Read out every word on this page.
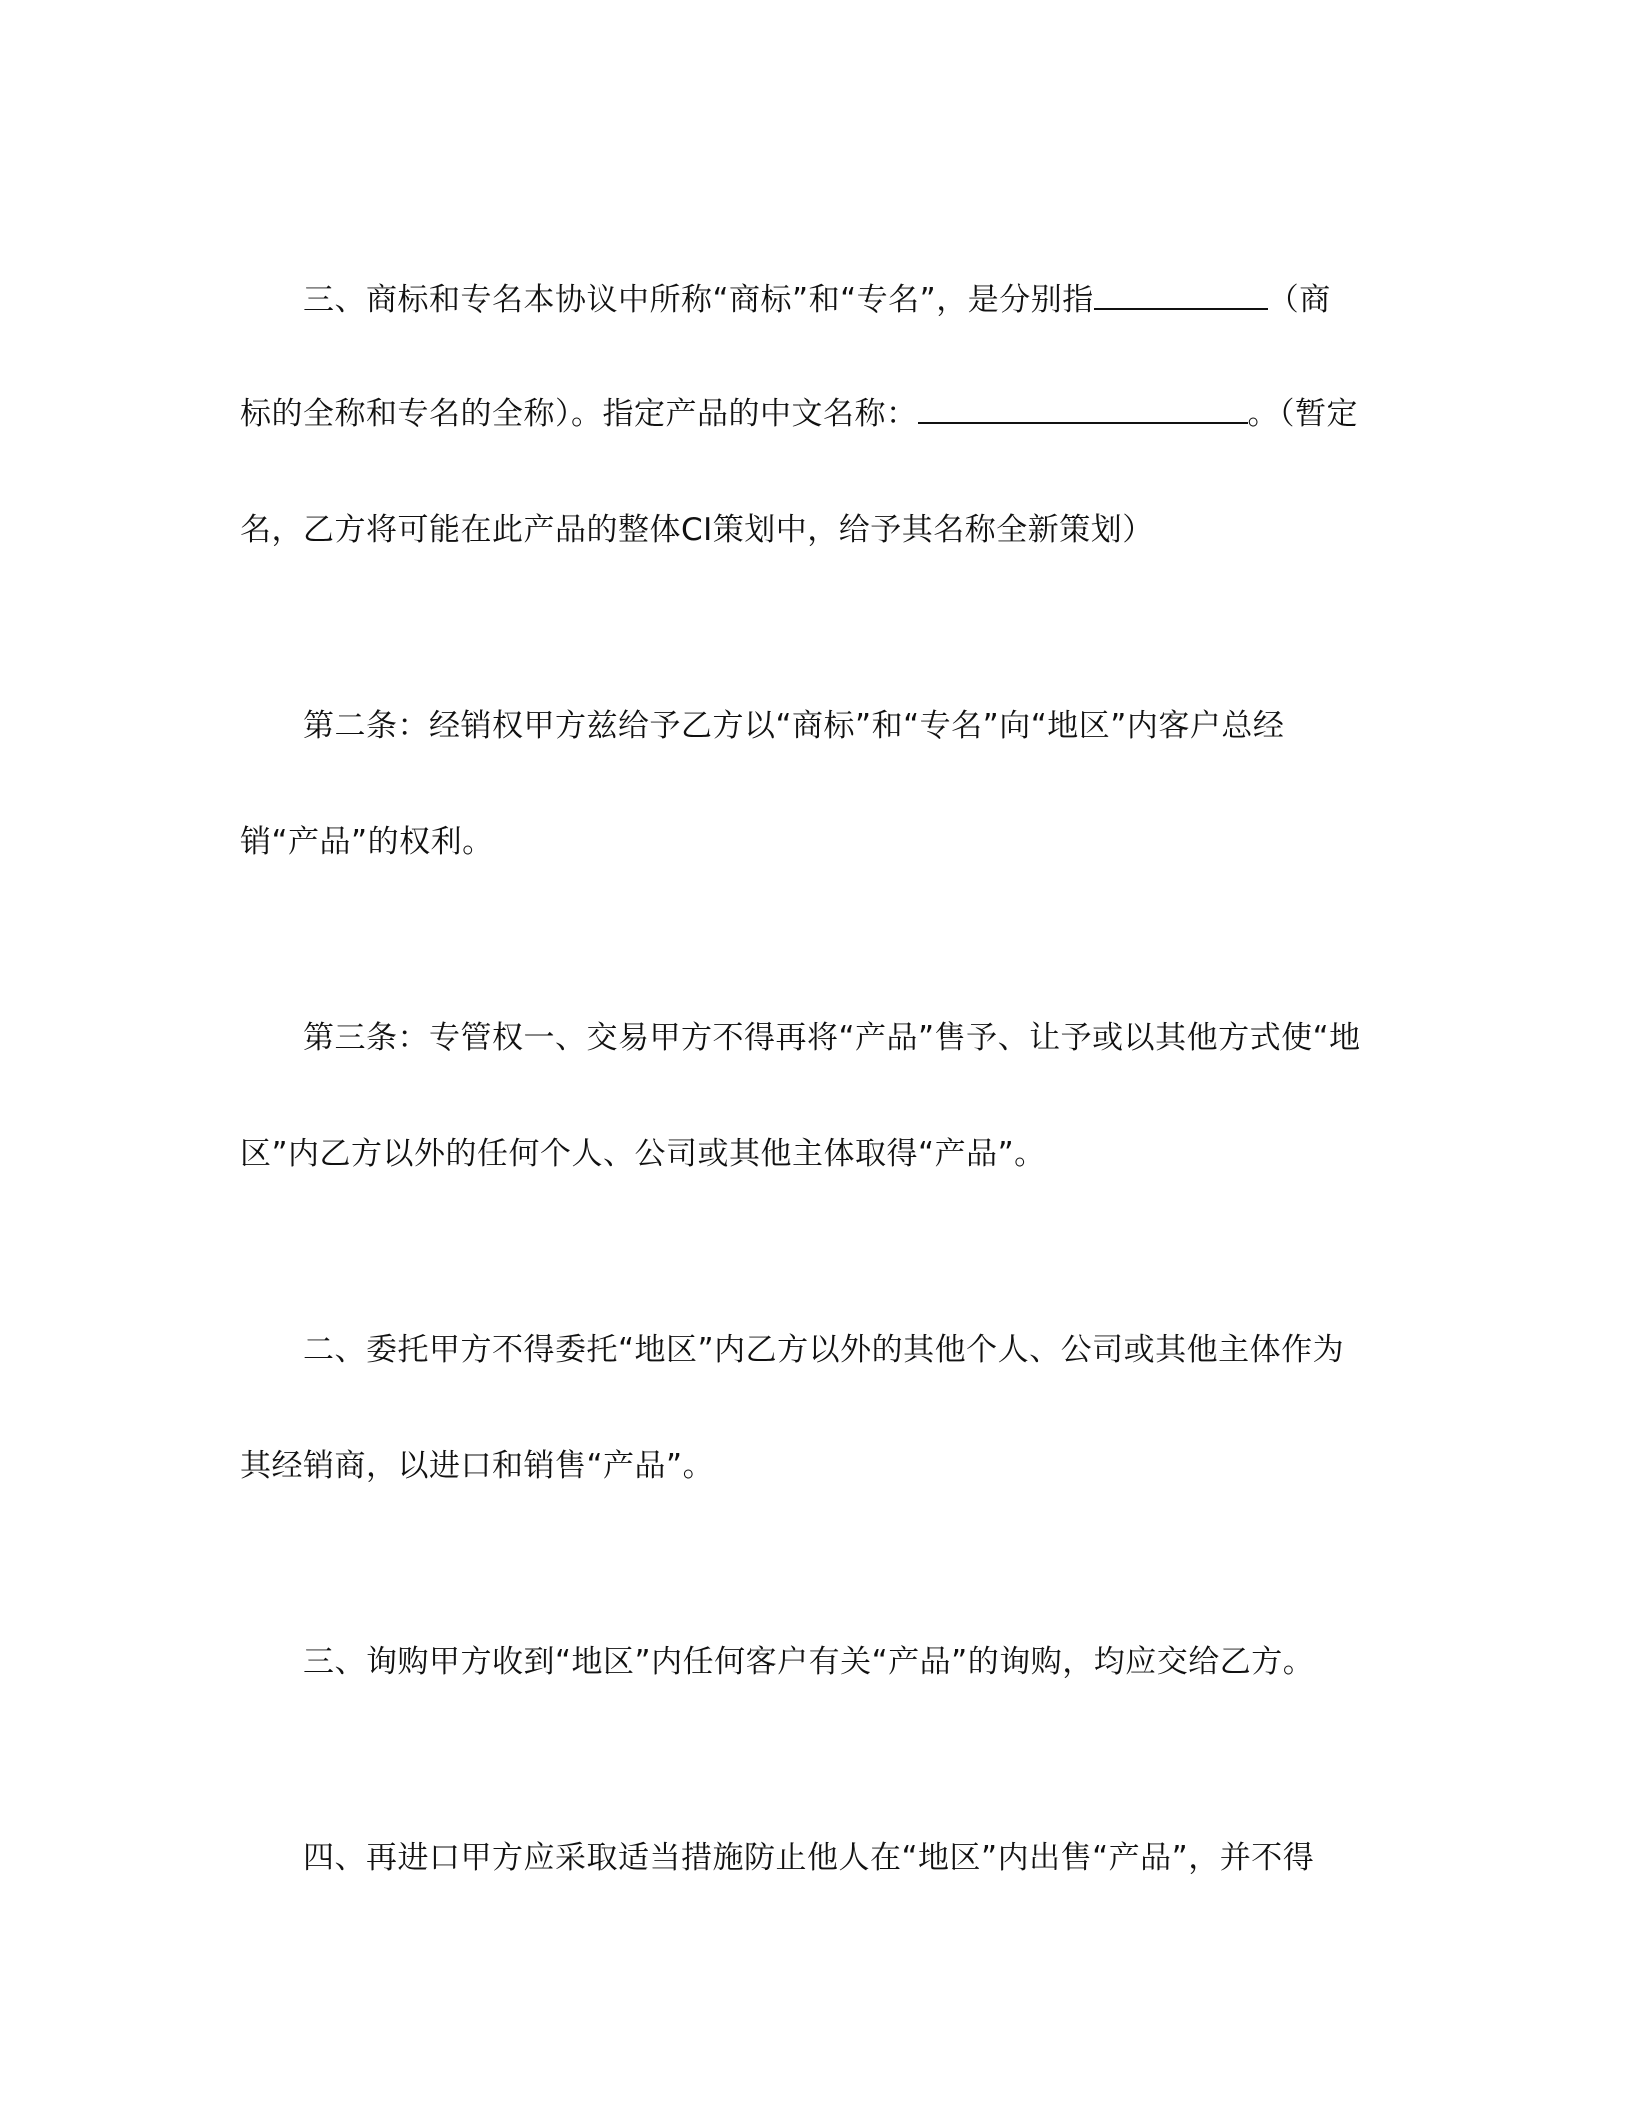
　　三、商标和专名本协议中所称“商标”和“专名”，是分别指	（商
标的全称和专名的全称）。指定产品的中文名称：	。（暂定
名，乙方将可能在此产品的整体CI策划中，给予其名称全新策划）
　　第二条：经销权甲方兹给予乙方以“商标”和“专名”向“地区”内客户总经
销“产品”的权利。
　　第三条：专管权一、交易甲方不得再将“产品”售予、让予或以其他方式使“地
区”内乙方以外的任何个人、公司或其他主体取得“产品”。
　　二、委托甲方不得委托“地区”内乙方以外的其他个人、公司或其他主体作为
其经销商，以进口和销售“产品”。
　　三、询购甲方收到“地区”内任何客户有关“产品”的询购，均应交给乙方。
　　四、再进口甲方应采取适当措施防止他人在“地区”内出售“产品”，并不得
